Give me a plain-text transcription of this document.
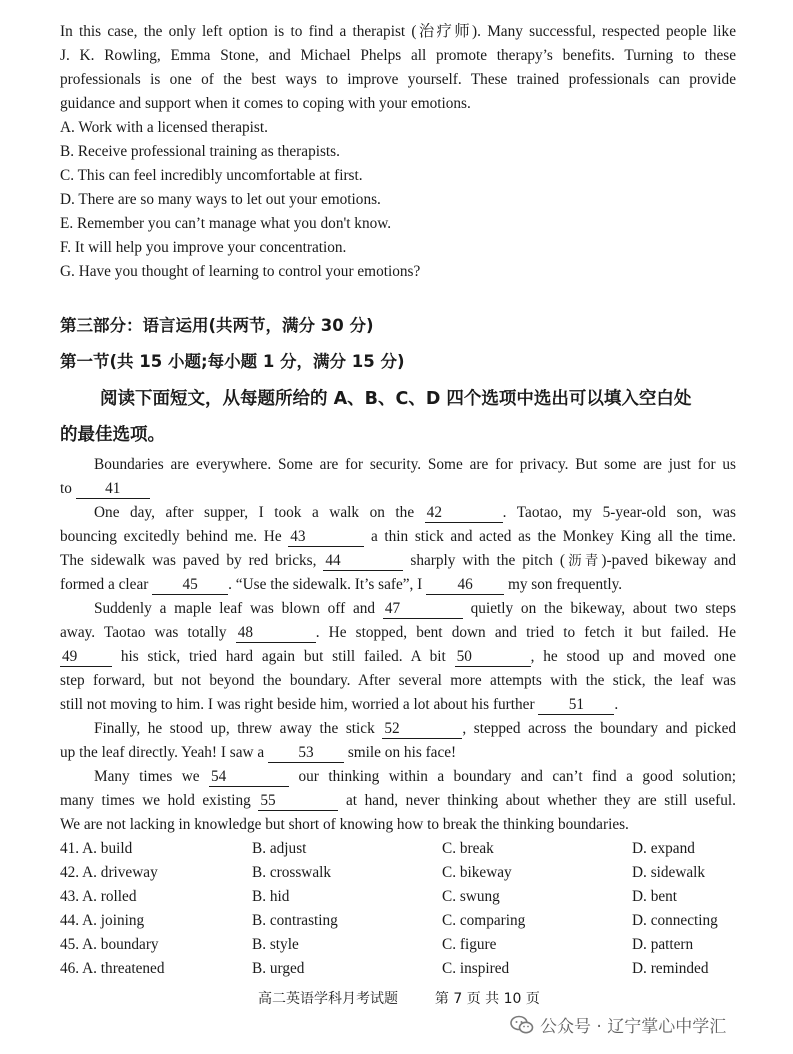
In this case, the only left option is to find a therapist (治疗师). Many successful, respected people like
J. K. Rowling, Emma Stone, and Michael Phelps all promote therapy’s benefits. Turning to these
professionals is one of the best ways to improve yourself. These trained professionals can provide
guidance and support when it comes to coping with your emotions.
A. Work with a licensed therapist.
B. Receive professional training as therapists.
C. This can feel incredibly uncomfortable at first.
D. There are so many ways to let out your emotions.
E. Remember you can’t manage what you don't know.
F. It will help you improve your concentration.
G. Have you thought of learning to control your emotions?
第三部分：语言运用(共两节，满分 30 分)
第一节(共 15 小题;每小题 1 分，满分 15 分)
阅读下面短文，从每题所给的 A、B、C、D 四个选项中选出可以填入空白处
的最佳选项。
Boundaries are everywhere. Some are for security. Some are for privacy. But some are just for us
to 41
One day, after supper, I took a walk on the 42	. Taotao, my 5-year-old son, was
bouncing excitedly behind me. He 43	a thin stick and acted as the Monkey King all the time.
The sidewalk was paved by red bricks, 44	sharply with the pitch (沥青)-paved bikeway and
formed a clear 45 . “Use the sidewalk. It’s safe”, I 46 my son frequently.
Suddenly a maple leaf was blown off and 47	quietly on the bikeway, about two steps
away. Taotao was totally 48	. He stopped, bent down and tried to fetch it but failed. He
49	his stick, tried hard again but still failed. A bit 50	, he stood up and moved one
step forward, but not beyond the boundary. After several more attempts with the stick, the leaf was
still not moving to him. I was right beside him, worried a lot about his further 51 .
Finally, he stood up, threw away the stick 52	, stepped across the boundary and picked
up the leaf directly. Yeah! I saw a 53 smile on his face!
Many times we 54	our thinking within a boundary and can’t find a good solution;
many times we hold existing 55	at hand, never thinking about whether they are still useful.
We are not lacking in knowledge but short of knowing how to break the thinking boundaries.
41. A. build	B. adjust	C. break	D. expand
42. A. driveway	B. crosswalk	C. bikeway	D. sidewalk
43. A. rolled	B. hid	C. swung	D. bent
44. A. joining	B. contrasting	C. comparing	D. connecting
45. A. boundary	B. style	C. figure	D. pattern
46. A. threatened	B. urged	C. inspired	D. reminded
高二英语学科月考试题	第 7 页 共 10 页
公众号 · 辽宁掌心中学汇
